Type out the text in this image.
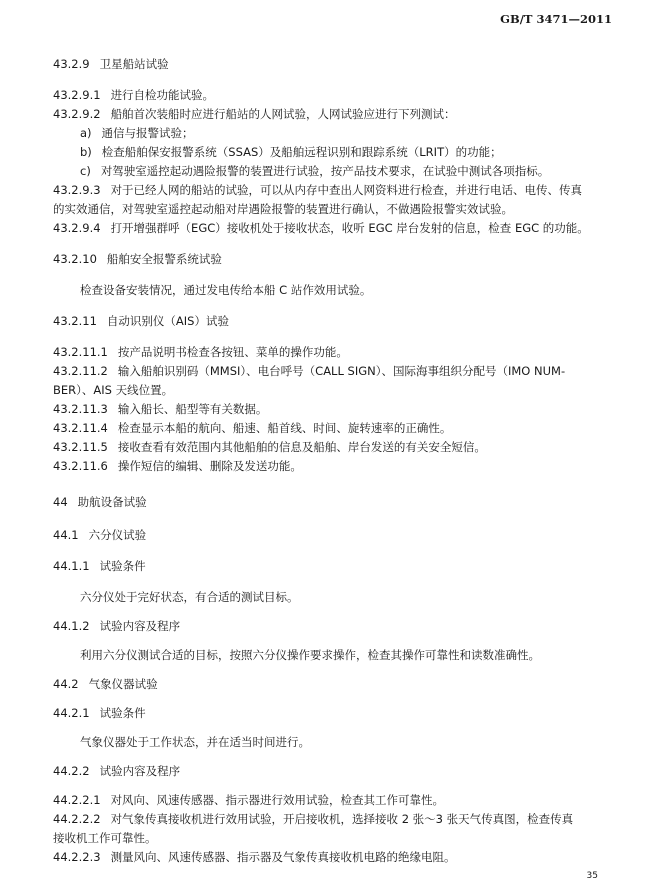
GB/T 3471—2011
43.2.9 卫星船站试验
43.2.9.1 进行自检功能试验。
43.2.9.2 船舶首次装船时应进行船站的人网试验，人网试验应进行下列测试：
a) 通信与报警试验；
b) 检查船舶保安报警系统（SSAS）及船舶远程识别和跟踪系统（LRIT）的功能；
c) 对驾驶室遥控起动遇险报警的装置进行试验，按产品技术要求，在试验中测试各项指标。
43.2.9.3 对于已经人网的船站的试验，可以从内存中查出人网资料进行检查，并进行电话、电传、传真
的实效通信，对驾驶室遥控起动船对岸遇险报警的装置进行确认，不做遇险报警实效试验。
43.2.9.4 打开增强群呼（EGC）接收机处于接收状态，收听 EGC 岸台发射的信息，检查 EGC 的功能。
43.2.10 船舶安全报警系统试验
检查设备安装情况，通过发电传给本船 C 站作效用试验。
43.2.11 自动识别仪（AIS）试验
43.2.11.1 按产品说明书检查各按钮、菜单的操作功能。
43.2.11.2 输入船舶识别码（MMSI）、电台呼号（CALL SIGN）、国际海事组织分配号（IMO NUM-
BER）、AIS 天线位置。
43.2.11.3 输入船长、船型等有关数据。
43.2.11.4 检查显示本船的航向、船速、船首线、时间、旋转速率的正确性。
43.2.11.5 接收查看有效范围内其他船舶的信息及船舶、岸台发送的有关安全短信。
43.2.11.6 操作短信的编辑、删除及发送功能。
44 助航设备试验
44.1 六分仪试验
44.1.1 试验条件
六分仪处于完好状态，有合适的测试目标。
44.1.2 试验内容及程序
利用六分仪测试合适的目标，按照六分仪操作要求操作，检查其操作可靠性和读数准确性。
44.2 气象仪器试验
44.2.1 试验条件
气象仪器处于工作状态，并在适当时间进行。
44.2.2 试验内容及程序
44.2.2.1 对风向、风速传感器、指示器进行效用试验，检查其工作可靠性。
44.2.2.2 对气象传真接收机进行效用试验，开启接收机，选择接收 2 张～3 张天气传真图，检查传真
接收机工作可靠性。
44.2.2.3 测量风向、风速传感器、指示器及气象传真接收机电路的绝缘电阻。
35
